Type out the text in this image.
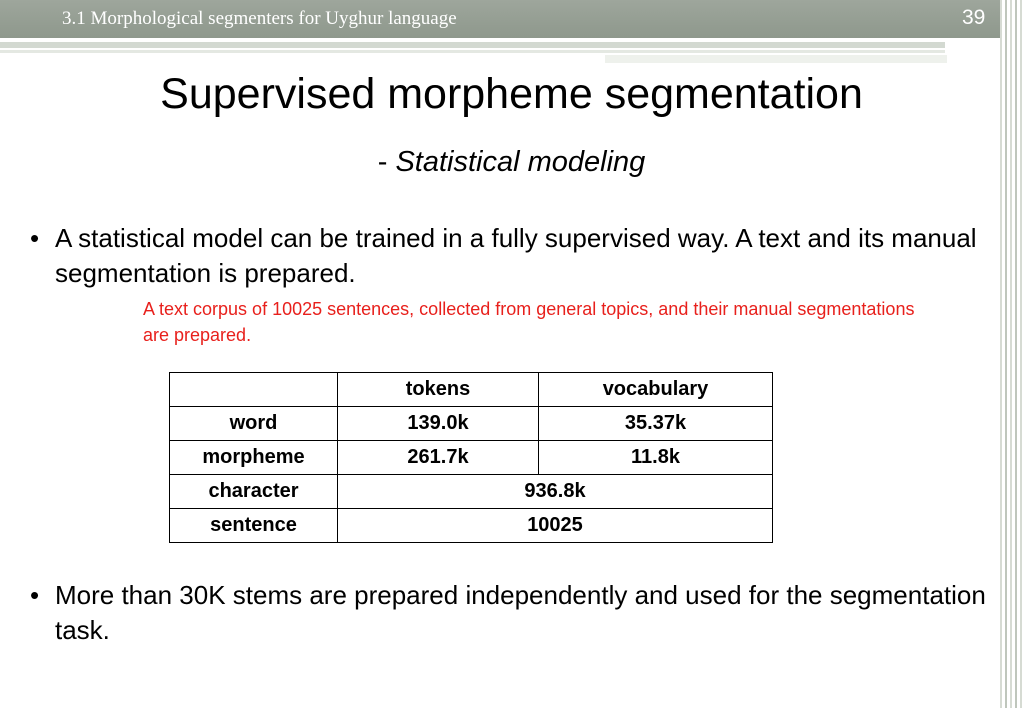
3.1 Morphological segmenters for Uyghur language	39
Supervised morpheme segmentation
- Statistical modeling
• A statistical model can be trained in a fully supervised way. A text and its manual segmentation is prepared.
A text corpus of 10025 sentences, collected from general topics, and their manual segmentations are prepared.
	tokens	vocabulary
word	139.0k	35.37k
morpheme	261.7k	11.8k
character	936.8k	
sentence	10025	
• More than 30K stems are prepared independently and used for the segmentation task.
